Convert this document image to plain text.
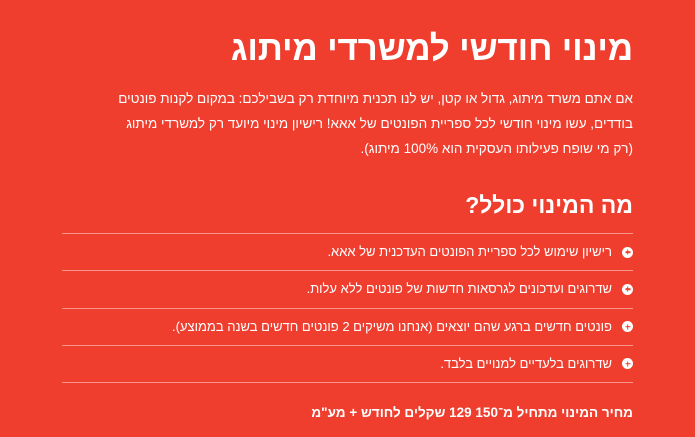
מינוי חודשי למשרדי מיתוג

אם אתם משרד מיתוג, גדול או קטן, יש לנו תכנית מיוחדת רק בשבילכם: במקום לקנות פונטים
בודדים, עשו מינוי חודשי לכל ספריית הפונטים של אאא! רישיון מינוי מיועד רק למשרדי מיתוג
(רק מי שופח פעילותו העסקית הוא 100% מיתוג).

מה המינוי כולל?
רישיון שימוש לכל ספריית הפונטים העדכנית של אאא.
שדרוגים ועדכונים לגרסאות חדשות של פונטים ללא עלות.
פונטים חדשים ברגע שהם יוצאים (אנחנו משיקים 2 פונטים חדשים בשנה בממוצע).
שדרוגים בלעדיים למנויים בלבד.

מחיר המינוי מתחיל מ־150 129 שקלים לחודש + מע"מ
